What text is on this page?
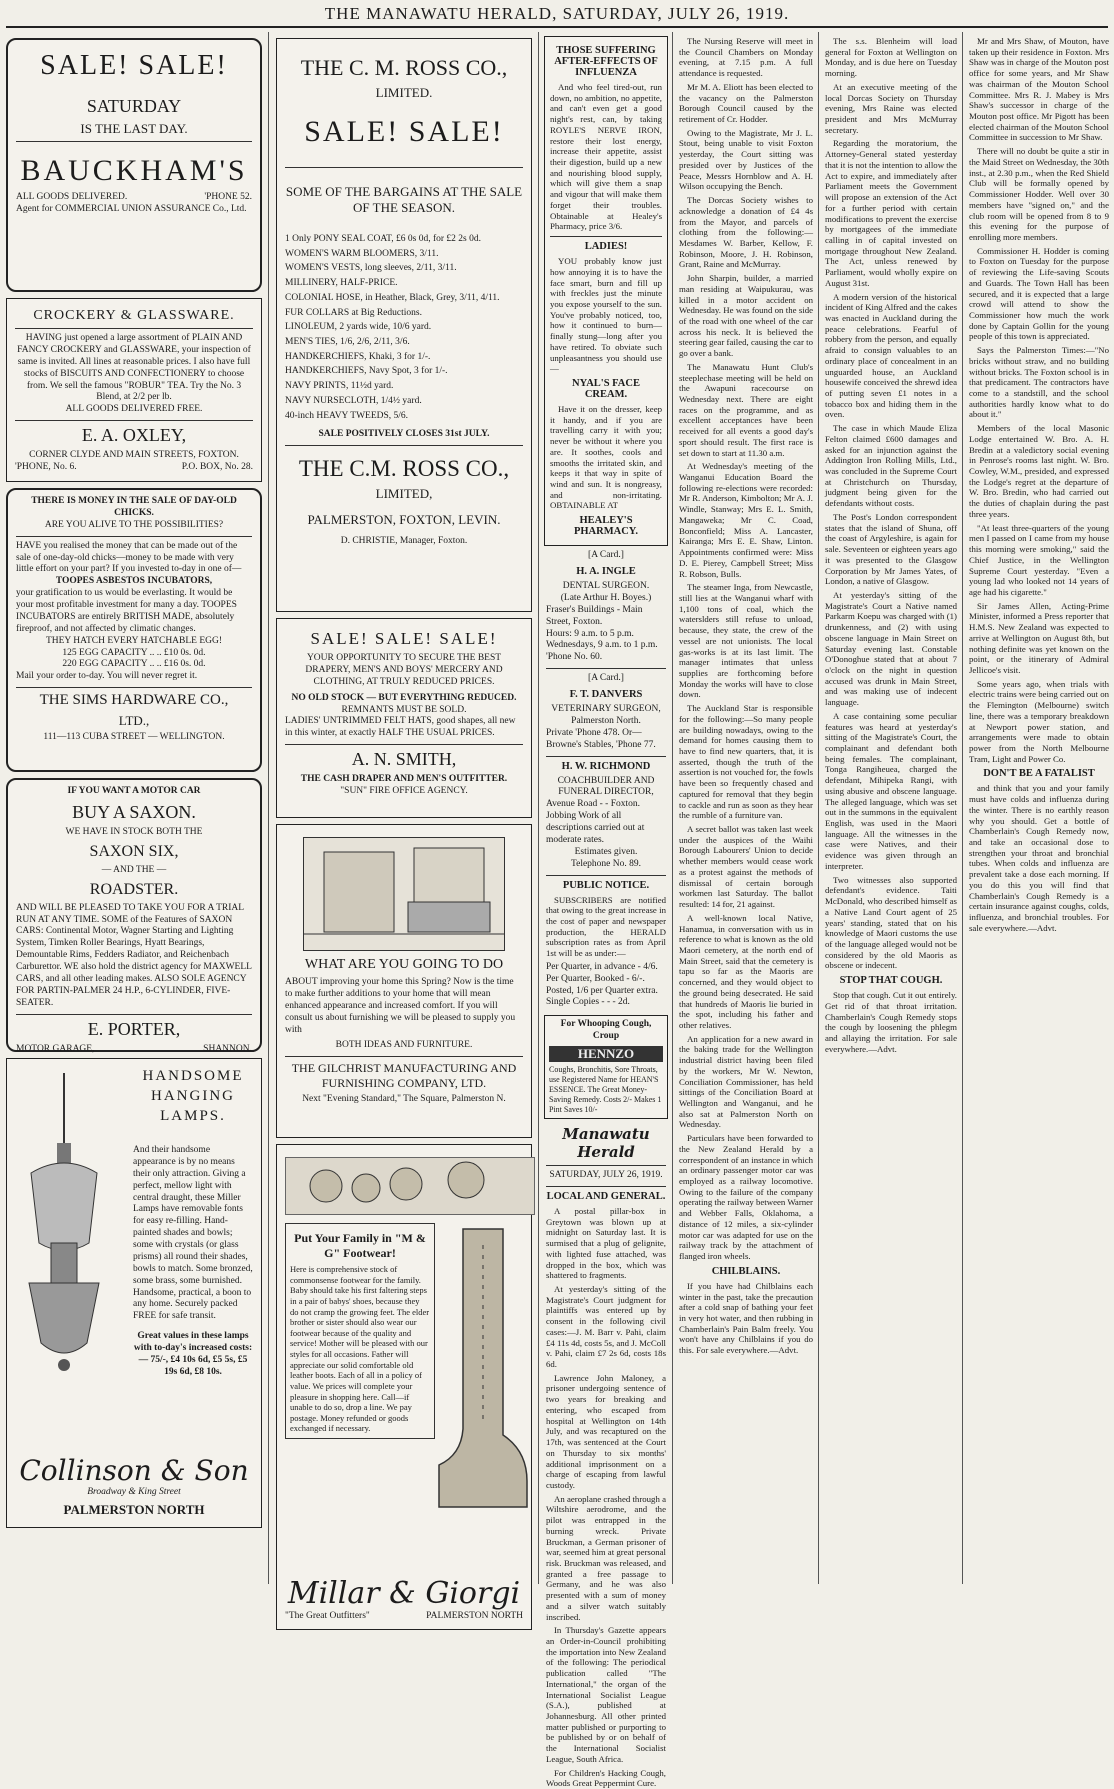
THE MANAWATU HERALD, SATURDAY, JULY 26, 1919.
SALE! SALE!
SATURDAY
IS THE LAST DAY.
BAUCKHAM'S
ALL GOODS DELIVERED.	'PHONE 52.
Agent for COMMERCIAL UNION ASSURANCE Co., Ltd.
CROCKERY & GLASSWARE.
HAVING just opened a large assortment of PLAIN AND FANCY CROCKERY and GLASSWARE, your inspection of same is invited. All lines at reasonable prices. I also have full stocks of BISCUITS AND CONFECTIONERY to choose from. We sell the famous "ROBUR" TEA. Try the No. 3 Blend, at 2/2 per lb.
ALL GOODS DELIVERED FREE.
E. A. OXLEY,
CORNER CLYDE AND MAIN STREETS, FOXTON.
'PHONE, No. 6.	P.O. BOX, No. 28.
THERE IS MONEY IN THE SALE OF DAY-OLD CHICKS.
ARE YOU ALIVE TO THE POSSIBILITIES?
HAVE you realised the money that can be made out of the sale of one-day-old chicks—money to be made with very little effort on your part? If you invested to-day in one of—
TOOPES ASBESTOS INCUBATORS,
your gratification to us would be everlasting. It would be your most profitable investment for many a day. TOOPES INCUBATORS are entirely BRITISH MADE, absolutely fireproof, and not affected by climatic changes.
THEY HATCH EVERY HATCHABLE EGG!
125 EGG CAPACITY .. .. £10 0s. 0d.
220 EGG CAPACITY .. .. £16 0s. 0d.
Mail your order to-day. You will never regret it.
THE SIMS HARDWARE CO.,
LTD.,
111—113 CUBA STREET — WELLINGTON.
IF YOU WANT A MOTOR CAR
BUY A SAXON.
WE HAVE IN STOCK BOTH THE
SAXON SIX,
— AND THE —
ROADSTER.
AND WILL BE PLEASED TO TAKE YOU FOR A TRIAL RUN AT ANY TIME. SOME of the Features of SAXON CARS: Continental Motor, Wagner Starting and Lighting System, Timken Roller Bearings, Hyatt Bearings, Demountable Rims, Fedders Radiator, and Reichenbach Carburettor. WE also hold the district agency for MAXWELL CARS, and all other leading makes. ALSO SOLE AGENCY FOR PARTIN-PALMER 24 H.P., 6-CYLINDER, FIVE-SEATER.
E. PORTER,
MOTOR GARAGE,	SHANNON.
HANDSOME
HANGING
LAMPS.
And their handsome appearance is by no means their only attraction. Giving a perfect, mellow light with central draught, these Miller Lamps have removable fonts for easy re-filling. Hand-painted shades and bowls; some with crystals (or glass prisms) all round their shades, bowls to match. Some bronzed, some brass, some burnished. Handsome, practical, a boon to any home. Securely packed FREE for safe transit.
Great values in these lamps with to-day's increased costs:— 75/-, £4 10s 6d, £5 5s, £5 19s 6d, £8 10s.
Collinson & Son
Broadway & King Street
PALMERSTON NORTH
THE C. M. ROSS CO.,
LIMITED.
SALE! SALE!
SOME OF THE BARGAINS AT THE SALE OF THE SEASON.
1 Only PONY SEAL COAT, £6 0s 0d, for £2 2s 0d.
WOMEN'S WARM BLOOMERS, 3/11.
WOMEN'S VESTS, long sleeves, 2/11, 3/11.
MILLINERY, HALF-PRICE.
COLONIAL HOSE, in Heather, Black, Grey, 3/11, 4/11.
FUR COLLARS at Big Reductions.
LINOLEUM, 2 yards wide, 10/6 yard.
MEN'S TIES, 1/6, 2/6, 2/11, 3/6.
HANDKERCHIEFS, Khaki, 3 for 1/-.
HANDKERCHIEFS, Navy Spot, 3 for 1/-.
NAVY PRINTS, 11½d yard.
NAVY NURSECLOTH, 1/4½ yard.
40-inch HEAVY TWEEDS, 5/6.
SALE POSITIVELY CLOSES 31st JULY.
THE C.M. ROSS CO.,
LIMITED,
PALMERSTON, FOXTON, LEVIN.
D. CHRISTIE, Manager, Foxton.
SALE! SALE! SALE!
YOUR OPPORTUNITY TO SECURE THE BEST DRAPERY, MEN'S AND BOYS' MERCERY AND CLOTHING, AT TRULY REDUCED PRICES.
NO OLD STOCK — BUT EVERYTHING REDUCED.
REMNANTS MUST BE SOLD.
LADIES' UNTRIMMED FELT HATS, good shapes, all new in this winter, at exactly HALF THE USUAL PRICES.
A. N. SMITH,
THE CASH DRAPER AND MEN'S OUTFITTER.
"SUN" FIRE OFFICE AGENCY.
WHAT ARE YOU GOING TO DO
ABOUT improving your home this Spring? Now is the time to make further additions to your home that will mean enhanced appearance and increased comfort. If you will consult us about furnishing we will be pleased to supply you with
BOTH IDEAS AND FURNITURE.
THE GILCHRIST MANUFACTURING AND FURNISHING COMPANY, LTD.
Next "Evening Standard," The Square, Palmerston N.
Put Your Family in "M & G" Footwear!
Here is comprehensive stock of commonsense footwear for the family. Baby should take his first faltering steps in a pair of babys' shoes, because they do not cramp the growing feet. The elder brother or sister should also wear our footwear because of the quality and service! Mother will be pleased with our styles for all occasions. Father will appreciate our solid comfortable old leather boots. Each of all in a policy of value. We prices will complete your pleasure in shopping here. Call—if unable to do so, drop a line. We pay postage. Money refunded or goods exchanged if necessary.
Millar & Giorgi
"The Great Outfitters"	PALMERSTON NORTH
THOSE SUFFERING AFTER-EFFECTS OF INFLUENZA
And who feel tired-out, run down, no ambition, no appetite, and can't even get a good night's rest, can, by taking ROYLE'S NERVE IRON, restore their lost energy, increase their appetite, assist their digestion, build up a new and nourishing blood supply, which will give them a snap and vigour that will make them forget their troubles. Obtainable at Healey's Pharmacy, price 3/6.
LADIES!
YOU probably know just how annoying it is to have the face smart, burn and fill up with freckles just the minute you expose yourself to the sun. You've probably noticed, too, how it continued to burn—finally stung—long after you have retired. To obviate such unpleasantness you should use—
NYAL'S FACE CREAM.
Have it on the dresser, keep it handy, and if you are travelling carry it with you; never be without it where you are. It soothes, cools and smooths the irritated skin, and keeps it that way in spite of wind and sun. It is nongreasy, and non-irritating. OBTAINABLE AT
HEALEY'S PHARMACY.
[A Card.]
H. A. INGLE
DENTAL SURGEON.
(Late Arthur H. Boyes.)
Fraser's Buildings - Main Street, Foxton.
Hours: 9 a.m. to 5 p.m. Wednesdays, 9 a.m. to 1 p.m. 'Phone No. 60.
[A Card.]
F. T. DANVERS
VETERINARY SURGEON,
Palmerston North.
Private 'Phone 478. Or— Browne's Stables, 'Phone 77.
H. W. RICHMOND
COACHBUILDER AND FUNERAL DIRECTOR,
Avenue Road - - Foxton.
Jobbing Work of all descriptions carried out at moderate rates.
Estimates given.
Telephone No. 89.
PUBLIC NOTICE.
SUBSCRIBERS are notified that owing to the great increase in the cost of paper and newspaper production, the HERALD subscription rates as from April 1st will be as under:—
Per Quarter, in advance - 4/6.
Per Quarter, Booked - 6/-.
Posted, 1/6 per Quarter extra.
Single Copies - - - 2d.
For Whooping Cough, Croup
HENNZO
Coughs, Bronchitis, Sore Throats, use Registered Name for HEAN'S ESSENCE. The Great Money-Saving Remedy. Costs 2/- Makes 1 Pint Saves 10/-
Manawatu Herald
SATURDAY, JULY 26, 1919.
LOCAL AND GENERAL.
A postal pillar-box in Greytown was blown up at midnight on Saturday last. It is surmised that a plug of gelignite, with lighted fuse attached, was dropped in the box, which was shattered to fragments.
At yesterday's sitting of the Magistrate's Court judgment for plaintiffs was entered up by consent in the following civil cases:—J. M. Barr v. Pahi, claim £4 11s 4d, costs 5s, and J. McColl v. Pahi, claim £7 2s 6d, costs 18s 6d.
Lawrence John Maloney, a prisoner undergoing sentence of two years for breaking and entering, who escaped from hospital at Wellington on 14th July, and was recaptured on the 17th, was sentenced at the Court on Thursday to six months' additional imprisonment on a charge of escaping from lawful custody.
An aeroplane crashed through a Wiltshire aerodrome, and the pilot was entrapped in the burning wreck. Private Bruckman, a German prisoner of war, seemed him at great personal risk. Bruckman was released, and granted a free passage to Germany, and he was also presented with a sum of money and a silver watch suitably inscribed.
In Thursday's Gazette appears an Order-in-Council prohibiting the importation into New Zealand of the following: The periodical publication called "The International," the organ of the International Socialist League (S.A.), published at Johannesburg. All other printed matter published or purporting to be published by or on behalf of the International Socialist League, South Africa.
For Children's Hacking Cough, Woods Great Peppermint Cure.
The Nursing Reserve will meet in the Council Chambers on Monday evening, at 7.15 p.m. A full attendance is requested.
Mr M. A. Eliott has been elected to the vacancy on the Palmerston Borough Council caused by the retirement of Cr. Hodder.
Owing to the Magistrate, Mr J. L. Stout, being unable to visit Foxton yesterday, the Court sitting was presided over by Justices of the Peace, Messrs Hornblow and A. H. Wilson occupying the Bench.
The Dorcas Society wishes to acknowledge a donation of £4 4s from the Mayor, and parcels of clothing from the following:—Mesdames W. Barber, Kellow, F. Robinson, Moore, J. H. Robinson, Grant, Raine and McMurray.
John Sharpin, builder, a married man residing at Waipukurau, was killed in a motor accident on Wednesday. He was found on the side of the road with one wheel of the car across his neck. It is believed the steering gear failed, causing the car to go over a bank.
The Manawatu Hunt Club's steeplechase meeting will be held on the Awapuni racecourse on Wednesday next. There are eight races on the programme, and as excellent acceptances have been received for all events a good day's sport should result. The first race is set down to start at 11.30 a.m.
At Wednesday's meeting of the Wanganui Education Board the following re-elections were recorded: Mr R. Anderson, Kimbolton; Mr A. J. Windle, Stanway; Mrs E. L. Smith, Mangaweka; Mr C. Coad, Bonconfield; Miss A. Lancaster, Kairanga; Mrs E. E. Shaw, Linton. Appointments confirmed were: Miss D. E. Pierey, Campbell Street; Miss R. Robson, Bulls.
The steamer Inga, from Newcastle, still lies at the Wanganui wharf with 1,100 tons of coal, which the waterslders still refuse to unload, because, they state, the crew of the vessel are not unionists. The local gas-works is at its last limit. The manager intimates that unless supplies are forthcoming before Monday the works will have to close down.
The Auckland Star is responsible for the following:—So many people are building nowadays, owing to the demand for homes causing them to have to find new quarters, that, it is asserted, though the truth of the assertion is not vouched for, the fowls have been so frequently chased and captured for removal that they begin to cackle and run as soon as they hear the rumble of a furniture van.
A secret ballot was taken last week under the auspices of the Waihi Borough Labourers' Union to decide whether members would cease work as a protest against the methods of dismissal of certain borough workmen last Saturday. The ballot resulted: 14 for, 21 against.
A well-known local Native, Hanamua, in conversation with us in reference to what is known as the old Maori cemetery, at the north end of Main Street, said that the cemetery is tapu so far as the Maoris are concerned, and they would object to the ground being desecrated. He said that hundreds of Maoris lie buried in the spot, including his father and other relatives.
An application for a new award in the baking trade for the Wellington industrial district having been filed by the workers, Mr W. Newton, Conciliation Commissioner, has held sittings of the Conciliation Board at Wellington and Wanganui, and he also sat at Palmerston North on Wednesday.
Particulars have been forwarded to the New Zealand Herald by a correspondent of an instance in which an ordinary passenger motor car was employed as a railway locomotive. Owing to the failure of the company operating the railway between Warner and Webber Falls, Oklahoma, a distance of 12 miles, a six-cylinder motor car was adapted for use on the railway track by the attachment of flanged iron wheels.
CHILBLAINS.
If you have had Chilblains each winter in the past, take the precaution after a cold snap of bathing your feet in very hot water, and then rubbing in Chamberlain's Pain Balm freely. You won't have any Chilblains if you do this. For sale everywhere.—Advt.
The s.s. Blenheim will load general for Foxton at Wellington on Monday, and is due here on Tuesday morning.
At an executive meeting of the local Dorcas Society on Thursday evening, Mrs Raine was elected president and Mrs McMurray secretary.
Regarding the moratorium, the Attorney-General stated yesterday that it is not the intention to allow the Act to expire, and immediately after Parliament meets the Government will propose an extension of the Act for a further period with certain modifications to prevent the exercise by mortgagees of the immediate calling in of capital invested on mortgage throughout New Zealand. The Act, unless renewed by Parliament, would wholly expire on August 31st.
A modern version of the historical incident of King Alfred and the cakes was enacted in Auckland during the peace celebrations. Fearful of robbery from the person, and equally afraid to consign valuables to an ordinary place of concealment in an unguarded house, an Auckland housewife conceived the shrewd idea of putting seven £1 notes in a tobacco box and hiding them in the oven.
The case in which Maude Eliza Felton claimed £600 damages and asked for an injunction against the Addington Iron Rolling Mills, Ltd., was concluded in the Supreme Court at Christchurch on Thursday, judgment being given for the defendants without costs.
The Post's London correspondent states that the island of Shuna, off the coast of Argyleshire, is again for sale. Seventeen or eighteen years ago it was presented to the Glasgow Corporation by Mr James Yates, of London, a native of Glasgow.
At yesterday's sitting of the Magistrate's Court a Native named Parkarm Koepu was charged with (1) drunkenness, and (2) with using obscene language in Main Street on Saturday evening last. Constable O'Donoghue stated that at about 7 o'clock on the night in question accused was drunk in Main Street, and was making use of indecent language.
A case containing some peculiar features was heard at yesterday's sitting of the Magistrate's Court, the complainant and defendant both being females. The complainant, Tonga Rangiheuea, charged the defendant, Mihipeka Rangi, with using abusive and obscene language. The alleged language, which was set out in the summons in the equivalent English, was used in the Maori language. All the witnesses in the case were Natives, and their evidence was given through an interpreter.
Two witnesses also supported defendant's evidence. Taiti McDonald, who described himself as a Native Land Court agent of 25 years' standing, stated that on his knowledge of Maori customs the use of the language alleged would not be considered by the old Maoris as obscene or indecent.
STOP THAT COUGH.
Stop that cough. Cut it out entirely. Get rid of that throat irritation. Chamberlain's Cough Remedy stops the cough by loosening the phlegm and allaying the irritation. For sale everywhere.—Advt.
Mr and Mrs Shaw, of Mouton, have taken up their residence in Foxton. Mrs Shaw was in charge of the Mouton post office for some years, and Mr Shaw was chairman of the Mouton School Committee. Mrs R. J. Mabey is Mrs Shaw's successor in charge of the Mouton post office. Mr Pigott has been elected chairman of the Mouton School Committee in succession to Mr Shaw.
There will no doubt be quite a stir in the Maid Street on Wednesday, the 30th inst., at 2.30 p.m., when the Red Shield Club will be formally opened by Commissioner Hodder. Well over 30 members have "signed on," and the club room will be opened from 8 to 9 this evening for the purpose of enrolling more members.
Commissioner H. Hodder is coming to Foxton on Tuesday for the purpose of reviewing the Life-saving Scouts and Guards. The Town Hall has been secured, and it is expected that a large crowd will attend to show the Commissioner how much the work done by Captain Gollin for the young people of this town is appreciated.
Says the Palmerston Times:—"No bricks without straw, and no building without bricks. The Foxton school is in that predicament. The contractors have come to a standstill, and the school authorities hardly know what to do about it."
Members of the local Masonic Lodge entertained W. Bro. A. H. Bredin at a valedictory social evening in Penrose's rooms last night. W. Bro. Cowley, W.M., presided, and expressed the Lodge's regret at the departure of W. Bro. Bredin, who had carried out the duties of chaplain during the past three years.
"At least three-quarters of the young men I passed on I came from my house this morning were smoking," said the Chief Justice, in the Wellington Supreme Court yesterday. "Even a young lad who looked not 14 years of age had his cigarette."
Sir James Allen, Acting-Prime Minister, informed a Press reporter that H.M.S. New Zealand was expected to arrive at Wellington on August 8th, but nothing definite was yet known on the point, or the itinerary of Admiral Jellicoe's visit.
Some years ago, when trials with electric trains were being carried out on the Flemington (Melbourne) switch line, there was a temporary breakdown at Newport power station, and arrangements were made to obtain power from the North Melbourne Tram, Light and Power Co.
DON'T BE A FATALIST
and think that you and your family must have colds and influenza during the winter. There is no earthly reason why you should. Get a bottle of Chamberlain's Cough Remedy now, and take an occasional dose to strengthen your throat and bronchial tubes. When colds and influenza are prevalent take a dose each morning. If you do this you will find that Chamberlain's Cough Remedy is a certain insurance against coughs, colds, influenza, and bronchial troubles. For sale everywhere.—Advt.
